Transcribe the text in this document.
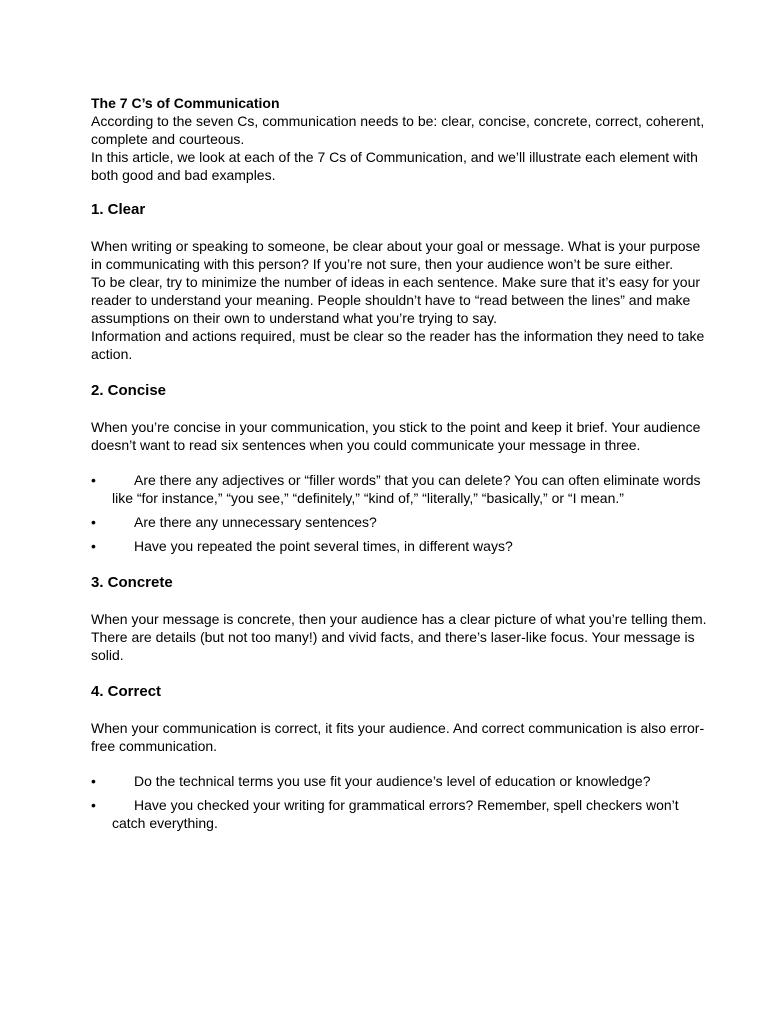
The 7 C’s of Communication

According to the seven Cs, communication needs to be: clear, concise, concrete, correct, coherent, complete and courteous.

In this article, we look at each of the 7 Cs of Communication, and we’ll illustrate each element with both good and bad examples.

1. Clear

When writing or speaking to someone, be clear about your goal or message. What is your purpose in communicating with this person? If you’re not sure, then your audience won’t be sure either.

To be clear, try to minimize the number of ideas in each sentence. Make sure that it’s easy for your reader to understand your meaning. People shouldn’t have to “read between the lines” and make assumptions on their own to understand what you’re trying to say.

Information and actions required, must be clear so the reader has the information they need to take action.

2. Concise

When you’re concise in your communication, you stick to the point and keep it brief. Your audience doesn’t want to read six sentences when you could communicate your message in three.

•	Are there any adjectives or “filler words” that you can delete? You can often eliminate words like “for instance,” “you see,” “definitely,” “kind of,” “literally,” “basically,” or “I mean.”
•	Are there any unnecessary sentences?
•	Have you repeated the point several times, in different ways?
3. Concrete

When your message is concrete, then your audience has a clear picture of what you’re telling them. There are details (but not too many!) and vivid facts, and there’s laser-like focus. Your message is solid.

4. Correct

When your communication is correct, it fits your audience. And correct communication is also error-free communication.

•	Do the technical terms you use fit your audience’s level of education or knowledge?
•	Have you checked your writing for grammatical errors? Remember, spell checkers won’t catch everything.
